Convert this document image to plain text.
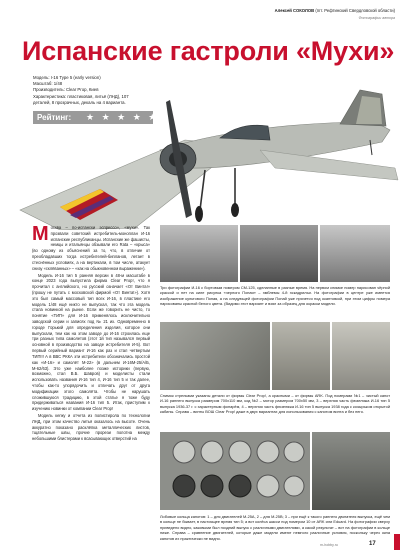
Алексей СОКОЛОВ (пгт. Рефтинский Свердловской области)
Фотографии автора
Испанские гастроли «Мухи»
Модель: I-16 Type 5 (early version)
Масштаб: 1/48
Производитель: Clear Prop, Киев
Характеристика: пластиковая, литьё (ЛНД), 107
деталей, 8 прозрачных, декаль на 4 варианта.
Рейтинг: ★ ★ ★ ★ ★

Москва – по-испански эспрессо», «мухи». Так прозвали советский истребитель-моноплан И-16 испанские республиканцы. Испанские же фашисты, немцы и итальянцы обзывали его Rata – «крыса» (во одному из объяснений за то, что, в отличие от преобладавших тогда истребителей-бипланов, летает в стеснённых условиях, а на вертикали, в том числе, атакует снизу «склёванных» – «как на обыкновенном выражении»).

Модель И-16 тип 5 ранняя версии в 48-м масштабе в конце 2023 года выпустила фирма Clear Prop!, что я прочитал с английского, но русский означает «От Винта!» (прошу не путать с московской фирмой «От Винта!»). Хотя это был самый массовый тип всех И-16, в пластике его модель 1/48 ещё никто не выпускал, так что эта модель стала новинкой на рынке. Если же говорить не чисто, то понятие «ТИП» для И-16 применялось исключительно заводской серии и записях под № 21 их. Одновременно в городе Горький для определения изделия, которое они выпускали, тем как на этом заводе до И-16 строилась еще три разных типа самолетов (этот 1й тип назывался первый основной в производство на заводе истребителя И-5). Вот первый серийный вариант И-16 как раз и стал четвертым ТИП!!! А в ВВС РККА эти истребители обозначались простой как «И-16» и самолёт М-22» (в дальнем И-16М-25/А/Б, М-62/63). Это уже наиболее позже историки (первую, возможно, стал В.Б. Шавров) и моделисты стали использовать названия И-16 тип 4, И-16 тип 5 и так далее, чтобы как-то упорядочить и отличать друг от друга модификации этого самолёта. Чтобы не нарушать сложившуюся традицию, в этой статье я тоже буду придерживаться названия И-16 тип 5. Итак, приступим к изучению новинки от компании Clear Prop!

Модель кепку и отчета из полистирола по технологии ЛНД, при этом качество литья оказалось на высоте. Очень аккуратно показано расклёпка металлических листов, тщательные швы, прочие прорези полотна между небольшими блистерами к всасывающих отверстий на

Три фотографии И-16 с бортовым номером CM-125, сделанные в разные время. На первом снимке номер нарисован чёрной краской и нет на киле рисунка «черного Попая» – эмблемы 4-й эскадрильи. На фотографии в центре уже имеется изображение культового Попая, а на следующей фотографии Попай уже прячется под окантовкой, при этом цифры номера нарисованы красной белого цвета. (Видимо этот вариант и взял за образец для окраски модели.
Снимок стрелками указаны детали от фирмы Clear Prop!, а красными – от фирмы ARK. Под номерами №1 – чистый капот И-16 раннего выпуска размером 700x110 мм, код №2 – мотор размером 700x50 мм, 3 – верхняя часть фюзеляжа И-16 тип 5 выпуска 1936-37 г. с характерным фонарём, 4 – верхняя часть фюзеляжа И-16 тип 5 выпуска 1938 года с козырьком открытой кабины. Справа – винты ВОШ Clear Prop! даже в двух вариантах для использования с капотом винта и без него.
Лобовые кольца капотов: 1 – для двигателей М-25А, 2 – для М-25В; 3 – при ещё к такого раннего двигателя выпуска, ещё чем в кольце не бывает, в настоящее время тип 5; а вот колёса шасси под номером 10 от ARK или Eduard. На фотографии сверху приведено видно, каковыми был поздний выпуск с различными двигателями, а какой результат – вот на фотографии в кольце ниже. Справа – сравнение двигателей, которые даже модели имеют немного различные условия, поскольку через окна капотов их практически не видно.
m-hobby.ru	17
